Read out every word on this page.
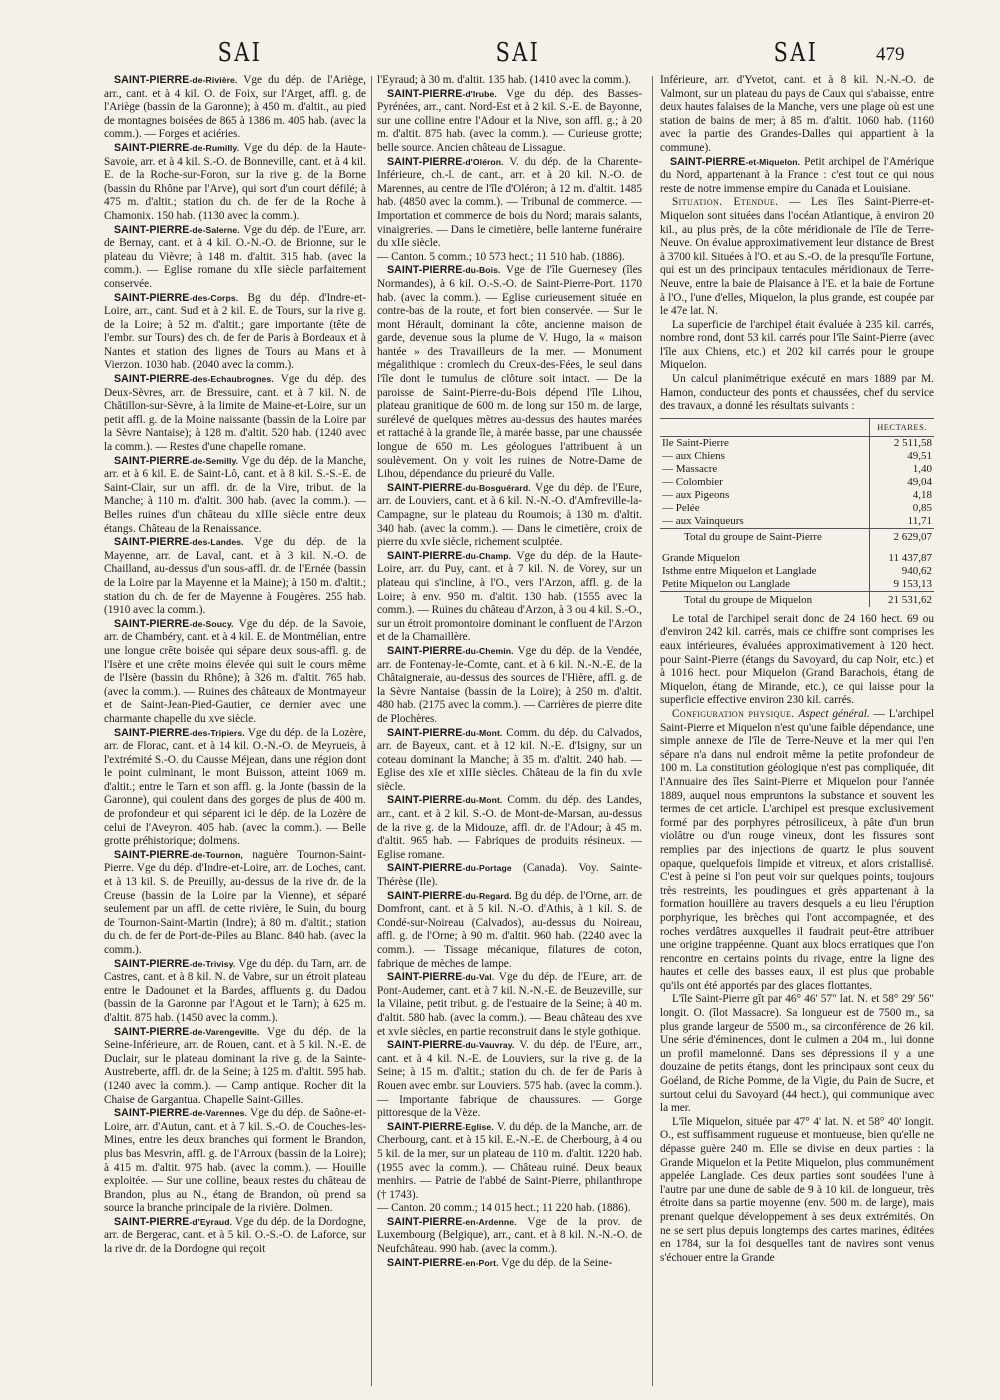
SAI	SAI	SAI	479

SAINT-PIERRE-de-Rivière. Vge du dép. de l'Ariège, arr., cant. et à 4 kil. O. de Foix, sur l'Arget, affl. g. de l'Ariège (bassin de la Garonne); à 450 m. d'altit., au pied de montagnes boisées de 865 à 1386 m. 405 hab. (avec la comm.). — Forges et aciéries.

SAINT-PIERRE-de-Rumilly. Vge du dép. de la Haute-Savoie, arr. et à 4 kil. S.-O. de Bonneville, cant. et à 4 kil. E. de la Roche-sur-Foron, sur la rive g. de la Borne (bassin du Rhône par l'Arve), qui sort d'un court défilé; à 475 m. d'altit.; station du ch. de fer de la Roche à Chamonix. 150 hab. (1130 avec la comm.).

SAINT-PIERRE-de-Salerne. Vge du dép. de l'Eure, arr. de Bernay, cant. et à 4 kil. O.-N.-O. de Brionne, sur le plateau du Vièvre; à 148 m. d'altit. 315 hab. (avec la comm.). — Eglise romane du xIIe siècle parfaitement conservée.

SAINT-PIERRE-des-Corps. Bg du dép. d'Indre-et-Loire, arr., cant. Sud et à 2 kil. E. de Tours, sur la rive g. de la Loire; à 52 m. d'altit.; gare importante (tête de l'embr. sur Tours) des ch. de fer de Paris à Bordeaux et à Nantes et station des lignes de Tours au Mans et à Vierzon. 1030 hab. (2040 avec la comm.).

SAINT-PIERRE-des-Echaubrognes. Vge du dép. des Deux-Sèvres, arr. de Bressuire, cant. et à 7 kil. N. de Châtillon-sur-Sèvre, à la limite de Maine-et-Loire, sur un petit affl. g. de la Moine naissante (bassin de la Loire par la Sèvre Nantaise); à 128 m. d'altit. 520 hab. (1240 avec la comm.). — Restes d'une chapelle romane.

SAINT-PIERRE-de-Semilly. Vge du dép. de la Manche, arr. et à 6 kil. E. de Saint-Lô, cant. et à 8 kil. S.-S.-E. de Saint-Clair, sur un affl. dr. de la Vire, tribut. de la Manche; à 110 m. d'altit. 300 hab. (avec la comm.). — Belles ruines d'un château du xIIIe siècle entre deux étangs. Château de la Renaissance.

SAINT-PIERRE-des-Landes. Vge du dép. de la Mayenne, arr. de Laval, cant. et à 3 kil. N.-O. de Chailland, au-dessus d'un sous-affl. dr. de l'Ernée (bassin de la Loire par la Mayenne et la Maine); à 150 m. d'altit.; station du ch. de fer de Mayenne à Fougères. 255 hab. (1910 avec la comm.).

SAINT-PIERRE-de-Soucy. Vge du dép. de la Savoie, arr. de Chambéry, cant. et à 4 kil. E. de Montmélian, entre une longue crête boisée qui sépare deux sous-affl. g. de l'Isère et une crête moins élevée qui suit le cours même de l'Isère (bassin du Rhône); à 326 m. d'altit. 765 hab. (avec la comm.). — Ruines des châteaux de Montmayeur et de Saint-Jean-Pied-Gautier, ce dernier avec une charmante chapelle du xve siècle.

SAINT-PIERRE-des-Tripiers. Vge du dép. de la Lozère, arr. de Florac, cant. et à 14 kil. O.-N.-O. de Meyrueis, à l'extrémité S.-O. du Causse Méjean, dans une région dont le point culminant, le mont Buisson, atteint 1069 m. d'altit.; entre le Tarn et son affl. g. la Jonte (bassin de la Garonne), qui coulent dans des gorges de plus de 400 m. de profondeur et qui séparent ici le dép. de la Lozère de celui de l'Aveyron. 405 hab. (avec la comm.). — Belle grotte préhistorique; dolmens.

SAINT-PIERRE-de-Tournon, naguère Tournon-Saint-Pierre. Vge du dép. d'Indre-et-Loire, arr. de Loches, cant. et à 13 kil. S. de Preuilly, au-dessus de la rive dr. de la Creuse (bassin de la Loire par la Vienne), et séparé seulement par un affl. de cette rivière, le Suin, du bourg de Tournon-Saint-Martin (Indre); à 80 m. d'altit.; station du ch. de fer de Port-de-Piles au Blanc. 840 hab. (avec la comm.).

SAINT-PIERRE-de-Trivisy. Vge du dép. du Tarn, arr. de Castres, cant. et à 8 kil. N. de Vabre, sur un étroit plateau entre le Dadounet et la Bardes, affluents g. du Dadou (bassin de la Garonne par l'Agout et le Tarn); à 625 m. d'altit. 875 hab. (1450 avec la comm.).

SAINT-PIERRE-de-Varengeville. Vge du dép. de la Seine-Inférieure, arr. de Rouen, cant. et à 5 kil. N.-E. de Duclair, sur le plateau dominant la rive g. de la Sainte-Austreberte, affl. dr. de la Seine; à 125 m. d'altit. 595 hab. (1240 avec la comm.). — Camp antique. Rocher dit la Chaise de Gargantua. Chapelle Saint-Gilles.

SAINT-PIERRE-de-Varennes. Vge du dép. de Saône-et-Loire, arr. d'Autun, cant. et à 7 kil. S.-O. de Couches-les-Mines, entre les deux branches qui forment le Brandon, plus bas Mesvrin, affl. g. de l'Arroux (bassin de la Loire); à 415 m. d'altit. 975 hab. (avec la comm.). — Houille exploitée. — Sur une colline, beaux restes du château de Brandon, plus au N., étang de Brandon, où prend sa source la branche principale de la rivière. Dolmen.

SAINT-PIERRE-d'Eyraud. Vge du dép. de la Dordogne, arr. de Bergerac, cant. et à 5 kil. O.-S.-O. de Laforce, sur la rive dr. de la Dordogne qui reçoit

l'Eyraud; à 30 m. d'altit. 135 hab. (1410 avec la comm.).

SAINT-PIERRE-d'Irube. Vge du dép. des Basses-Pyrénées, arr., cant. Nord-Est et à 2 kil. S.-E. de Bayonne, sur une colline entre l'Adour et la Nive, son affl. g.; à 20 m. d'altit. 875 hab. (avec la comm.). — Curieuse grotte; belle source. Ancien château de Lissague.

SAINT-PIERRE-d'Oléron. V. du dép. de la Charente-Inférieure, ch.-l. de cant., arr. et à 20 kil. N.-O. de Marennes, au centre de l'île d'Oléron; à 12 m. d'altit. 1485 hab. (4850 avec la comm.). — Tribunal de commerce. — Importation et commerce de bois du Nord; marais salants, vinaigreries. — Dans le cimetière, belle lanterne funéraire du xIIe siècle.

— Canton. 5 comm.; 10 573 hect.; 11 510 hab. (1886).

SAINT-PIERRE-du-Bois. Vge de l'île Guernesey (îles Normandes), à 6 kil. O.-S.-O. de Saint-Pierre-Port. 1170 hab. (avec la comm.). — Eglise curieusement située en contre-bas de la route, et fort bien conservée. — Sur le mont Hérault, dominant la côte, ancienne maison de garde, devenue sous la plume de V. Hugo, la « maison hantée » des Travailleurs de la mer. — Monument mégalithique : cromlech du Creux-des-Fées, le seul dans l'île dont le tumulus de clôture soit intact. — De la paroisse de Saint-Pierre-du-Bois dépend l'île Lihou, plateau granitique de 600 m. de long sur 150 m. de large, surélevé de quelques mètres au-dessus des hautes marées et rattaché à la grande île, à marée basse, par une chaussée longue de 650 m. Les géologues l'attribuent à un soulèvement. On y voit les ruines de Notre-Dame de Lihou, dépendance du prieuré du Valle.

SAINT-PIERRE-du-Bosguérard. Vge du dép. de l'Eure, arr. de Louviers, cant. et à 6 kil. N.-N.-O. d'Amfreville-la-Campagne, sur le plateau du Roumois; à 130 m. d'altit. 340 hab. (avec la comm.). — Dans le cimetière, croix de pierre du xvIe siècle, richement sculptée.

SAINT-PIERRE-du-Champ. Vge du dép. de la Haute-Loire, arr. du Puy, cant. et à 7 kil. N. de Vorey, sur un plateau qui s'incline, à l'O., vers l'Arzon, affl. g. de la Loire; à env. 950 m. d'altit. 130 hab. (1555 avec la comm.). — Ruines du château d'Arzon, à 3 ou 4 kil. S.-O., sur un étroit promontoire dominant le confluent de l'Arzon et de la Chamaillère.

SAINT-PIERRE-du-Chemin. Vge du dép. de la Vendée, arr. de Fontenay-le-Comte, cant. et à 6 kil. N.-N.-E. de la Châtaigneraie, au-dessus des sources de l'Hière, affl. g. de la Sèvre Nantaise (bassin de la Loire); à 250 m. d'altit. 480 hab. (2175 avec la comm.). — Carrières de pierre dite de Plochères.

SAINT-PIERRE-du-Mont. Comm. du dép. du Calvados, arr. de Bayeux, cant. et à 12 kil. N.-E. d'Isigny, sur un coteau dominant la Manche; à 35 m. d'altit. 240 hab. — Eglise des xIe et xIIIe siècles. Château de la fin du xvIe siècle.

SAINT-PIERRE-du-Mont. Comm. du dép. des Landes, arr., cant. et à 2 kil. S.-O. de Mont-de-Marsan, au-dessus de la rive g. de la Midouze, affl. dr. de l'Adour; à 45 m. d'altit. 965 hab. — Fabriques de produits résineux. — Eglise romane.

SAINT-PIERRE-du-Portage (Canada). Voy. Sainte-Thérèse (Ile).

SAINT-PIERRE-du-Regard. Bg du dép. de l'Orne, arr. de Domfront, cant. et à 5 kil. N.-O. d'Athis, à 1 kil. S. de Condé-sur-Noireau (Calvados), au-dessus du Noireau, affl. g. de l'Orne; à 90 m. d'altit. 960 hab. (2240 avec la comm.). — Tissage mécanique, filatures de coton, fabrique de mèches de lampe.

SAINT-PIERRE-du-Val. Vge du dép. de l'Eure, arr. de Pont-Audemer, cant. et à 7 kil. N.-N.-E. de Beuzeville, sur la Vilaine, petit tribut. g. de l'estuaire de la Seine; à 40 m. d'altit. 580 hab. (avec la comm.). — Beau château des xve et xvIe siècles, en partie reconstruit dans le style gothique.

SAINT-PIERRE-du-Vauvray. V. du dép. de l'Eure, arr., cant. et à 4 kil. N.-E. de Louviers, sur la rive g. de la Seine; à 15 m. d'altit.; station du ch. de fer de Paris à Rouen avec embr. sur Louviers. 575 hab. (avec la comm.). — Importante fabrique de chaussures. — Gorge pittoresque de la Vèze.

SAINT-PIERRE-Eglise. V. du dép. de la Manche, arr. de Cherbourg, cant. et à 15 kil. E.-N.-E. de Cherbourg, à 4 ou 5 kil. de la mer, sur un plateau de 110 m. d'altit. 1220 hab. (1955 avec la comm.). — Château ruiné. Deux beaux menhirs. — Patrie de l'abbé de Saint-Pierre, philanthrope († 1743).

— Canton. 20 comm.; 14 015 hect.; 11 220 hab. (1886).

SAINT-PIERRE-en-Ardenne. Vge de la prov. de Luxembourg (Belgique), arr., cant. et à 8 kil. N.-N.-O. de Neufchâteau. 990 hab. (avec la comm.).

SAINT-PIERRE-en-Port. Vge du dép. de la Seine-

Inférieure, arr. d'Yvetot, cant. et à 8 kil. N.-N.-O. de Valmont, sur un plateau du pays de Caux qui s'abaisse, entre deux hautes falaises de la Manche, vers une plage où est une station de bains de mer; à 85 m. d'altit. 1060 hab. (1160 avec la partie des Grandes-Dalles qui appartient à la commune).

SAINT-PIERRE-et-Miquelon. Petit archipel de l'Amérique du Nord, appartenant à la France : c'est tout ce qui nous reste de notre immense empire du Canada et Louisiane.

Situation. Etendue. — Les îles Saint-Pierre-et-Miquelon sont situées dans l'océan Atlantique, à environ 20 kil., au plus près, de la côte méridionale de l'île de Terre-Neuve. On évalue approximativement leur distance de Brest à 3700 kil. Situées à l'O. et au S.-O. de la presqu'île Fortune, qui est un des principaux tentacules méridionaux de Terre-Neuve, entre la baie de Plaisance à l'E. et la baie de Fortune à l'O., l'une d'elles, Miquelon, la plus grande, est coupée par le 47e lat. N.

La superficie de l'archipel était évaluée à 235 kil. carrés, nombre rond, dont 53 kil. carrés pour l'île Saint-Pierre (avec l'île aux Chiens, etc.) et 202 kil carrés pour le groupe Miquelon.

Un calcul planimétrique exécuté en mars 1889 par M. Hamon, conducteur des ponts et chaussées, chef du service des travaux, a donné les résultats suivants :

	HECTARES.
Ile Saint-Pierre	2 511,58
— aux Chiens	49,51
— Massacre	1,40
— Colombier	49,04
— aux Pigeons	4,18
— Pelée	0,85
— aux Vainqueurs	11,71
Total du groupe de Saint-Pierre	2 629,07

Grande Miquelon	11 437,87
Isthme entre Miquelon et Langlade	940,62
Petite Miquelon ou Langlade	9 153,13
Total du groupe de Miquelon	21 531,62

Le total de l'archipel serait donc de 24 160 hect. 69 ou d'environ 242 kil. carrés, mais ce chiffre sont comprises les eaux intérieures, évaluées approximativement à 120 hect. pour Saint-Pierre (étangs du Savoyard, du cap Noir, etc.) et à 1016 hect. pour Miquelon (Grand Barachois, étang de Miquelon, étang de Mirande, etc.), ce qui laisse pour la superficie effective environ 230 kil. carrés.

Configuration physique. Aspect général. — L'archipel Saint-Pierre et Miquelon n'est qu'une faible dépendance, une simple annexe de l'île de Terre-Neuve et la mer qui l'en sépare n'a dans nul endroit même la petite profondeur de 100 m. La constitution géologique n'est pas compliquée, dit l'Annuaire des îles Saint-Pierre et Miquelon pour l'année 1889, auquel nous empruntons la substance et souvent les termes de cet article. L'archipel est presque exclusivement formé par des porphyres pétrosiliceux, à pâte d'un brun violâtre ou d'un rouge vineux, dont les fissures sont remplies par des injections de quartz le plus souvent opaque, quelquefois limpide et vitreux, et alors cristallisé. C'est à peine si l'on peut voir sur quelques points, toujours très restreints, les poudingues et grès appartenant à la formation houillère au travers desquels a eu lieu l'éruption porphyrique, les brèches qui l'ont accompagnée, et des roches verdâtres auxquelles il faudrait peut-être attribuer une origine trappéenne. Quant aux blocs erratiques que l'on rencontre en certains points du rivage, entre la ligne des hautes et celle des basses eaux, il est plus que probable qu'ils ont été apportés par des glaces flottantes.

L'île Saint-Pierre gît par 46° 46' 57" lat. N. et 58° 29' 56" longit. O. (îlot Massacre). Sa longueur est de 7500 m., sa plus grande largeur de 5500 m., sa circonférence de 26 kil. Une série d'éminences, dont le culmen a 204 m., lui donne un profil mamelonné. Dans ses dépressions il y a une douzaine de petits étangs, dont les principaux sont ceux du Goéland, de Riche Pomme, de la Vigie, du Pain de Sucre, et surtout celui du Savoyard (44 hect.), qui communique avec la mer.

L'île Miquelon, située par 47° 4' lat. N. et 58° 40' longit. O., est suffisamment rugueuse et montueuse, bien qu'elle ne dépasse guère 240 m. Elle se divise en deux parties : la Grande Miquelon et la Petite Miquelon, plus communément appelée Langlade. Ces deux parties sont soudées l'une à l'autre par une dune de sable de 9 à 10 kil. de longueur, très étroite dans sa partie moyenne (env. 500 m. de large), mais prenant quelque développement à ses deux extrémités. On ne se sert plus depuis longtemps des cartes marines, éditées en 1784, sur la foi desquelles tant de navires sont venus s'échouer entre la Grande
